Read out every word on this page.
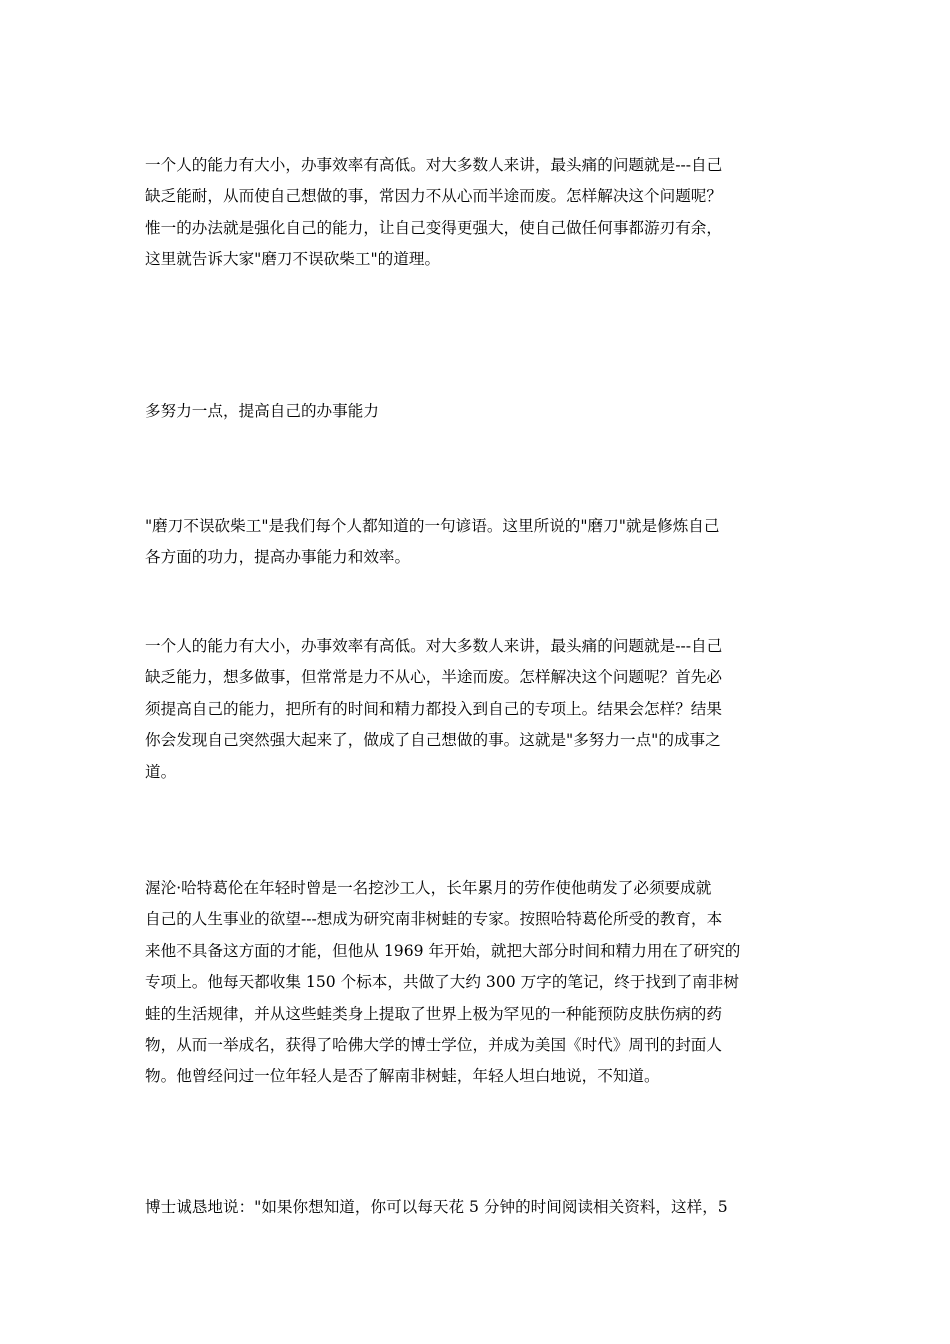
一个人的能力有大小，办事效率有高低。对大多数人来讲，最头痛的问题就是---自己
缺乏能耐，从而使自己想做的事，常因力不从心而半途而废。怎样解决这个问题呢？
惟一的办法就是强化自己的能力，让自己变得更强大，使自己做任何事都游刃有余，
这里就告诉大家"磨刀不误砍柴工"的道理。

多努力一点，提高自己的办事能力

"磨刀不误砍柴工"是我们每个人都知道的一句谚语。这里所说的"磨刀"就是修炼自己
各方面的功力，提高办事能力和效率。

一个人的能力有大小，办事效率有高低。对大多数人来讲，最头痛的问题就是---自己
缺乏能力，想多做事，但常常是力不从心，半途而废。怎样解决这个问题呢？首先必
须提高自己的能力，把所有的时间和精力都投入到自己的专项上。结果会怎样？结果
你会发现自己突然强大起来了，做成了自己想做的事。这就是"多努力一点"的成事之
道。

渥沦·哈特葛伦在年轻时曾是一名挖沙工人，长年累月的劳作使他萌发了必须要成就
自己的人生事业的欲望---想成为研究南非树蛙的专家。按照哈特葛伦所受的教育，本
来他不具备这方面的才能，但他从 1969 年开始，就把大部分时间和精力用在了研究的
专项上。他每天都收集 150 个标本，共做了大约 300 万字的笔记，终于找到了南非树
蛙的生活规律，并从这些蛙类身上提取了世界上极为罕见的一种能预防皮肤伤病的药
物，从而一举成名，获得了哈佛大学的博士学位，并成为美国《时代》周刊的封面人
物。他曾经问过一位年轻人是否了解南非树蛙，年轻人坦白地说，不知道。

博士诚恳地说："如果你想知道，你可以每天花 5 分钟的时间阅读相关资料，这样，5
